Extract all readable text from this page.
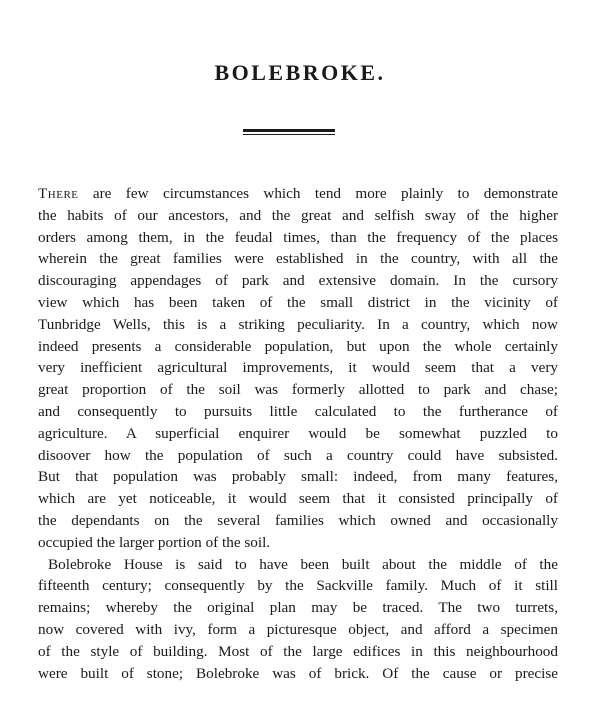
BOLEBROKE.
There are few circumstances which tend more plainly to demonstrate
the habits of our ancestors, and the great and selfish sway of the higher
orders among them, in the feudal times, than the frequency of the places
wherein the great families were established in the country, with all the
discouraging appendages of park and extensive domain. In the cursory
view which has been taken of the small district in the vicinity of
Tunbridge Wells, this is a striking peculiarity. In a country, which now
indeed presents a considerable population, but upon the whole certainly
very inefficient agricultural improvements, it would seem that a very
great proportion of the soil was formerly allotted to park and chase;
and consequently to pursuits little calculated to the furtherance of
agriculture. A superficial enquirer would be somewhat puzzled to
disoover how the population of such a country could have subsisted.
But that population was probably small: indeed, from many features,
which are yet noticeable, it would seem that it consisted principally of
the dependants on the several families which owned and occasionally
occupied the larger portion of the soil.
Bolebroke House is said to have been built about the middle of the
fifteenth century; consequently by the Sackville family. Much of it still
remains; whereby the original plan may be traced. The two turrets,
now covered with ivy, form a picturesque object, and afford a specimen
of the style of building. Most of the large edifices in this neighbourhood
were built of stone; Bolebroke was of brick. Of the cause or precise
